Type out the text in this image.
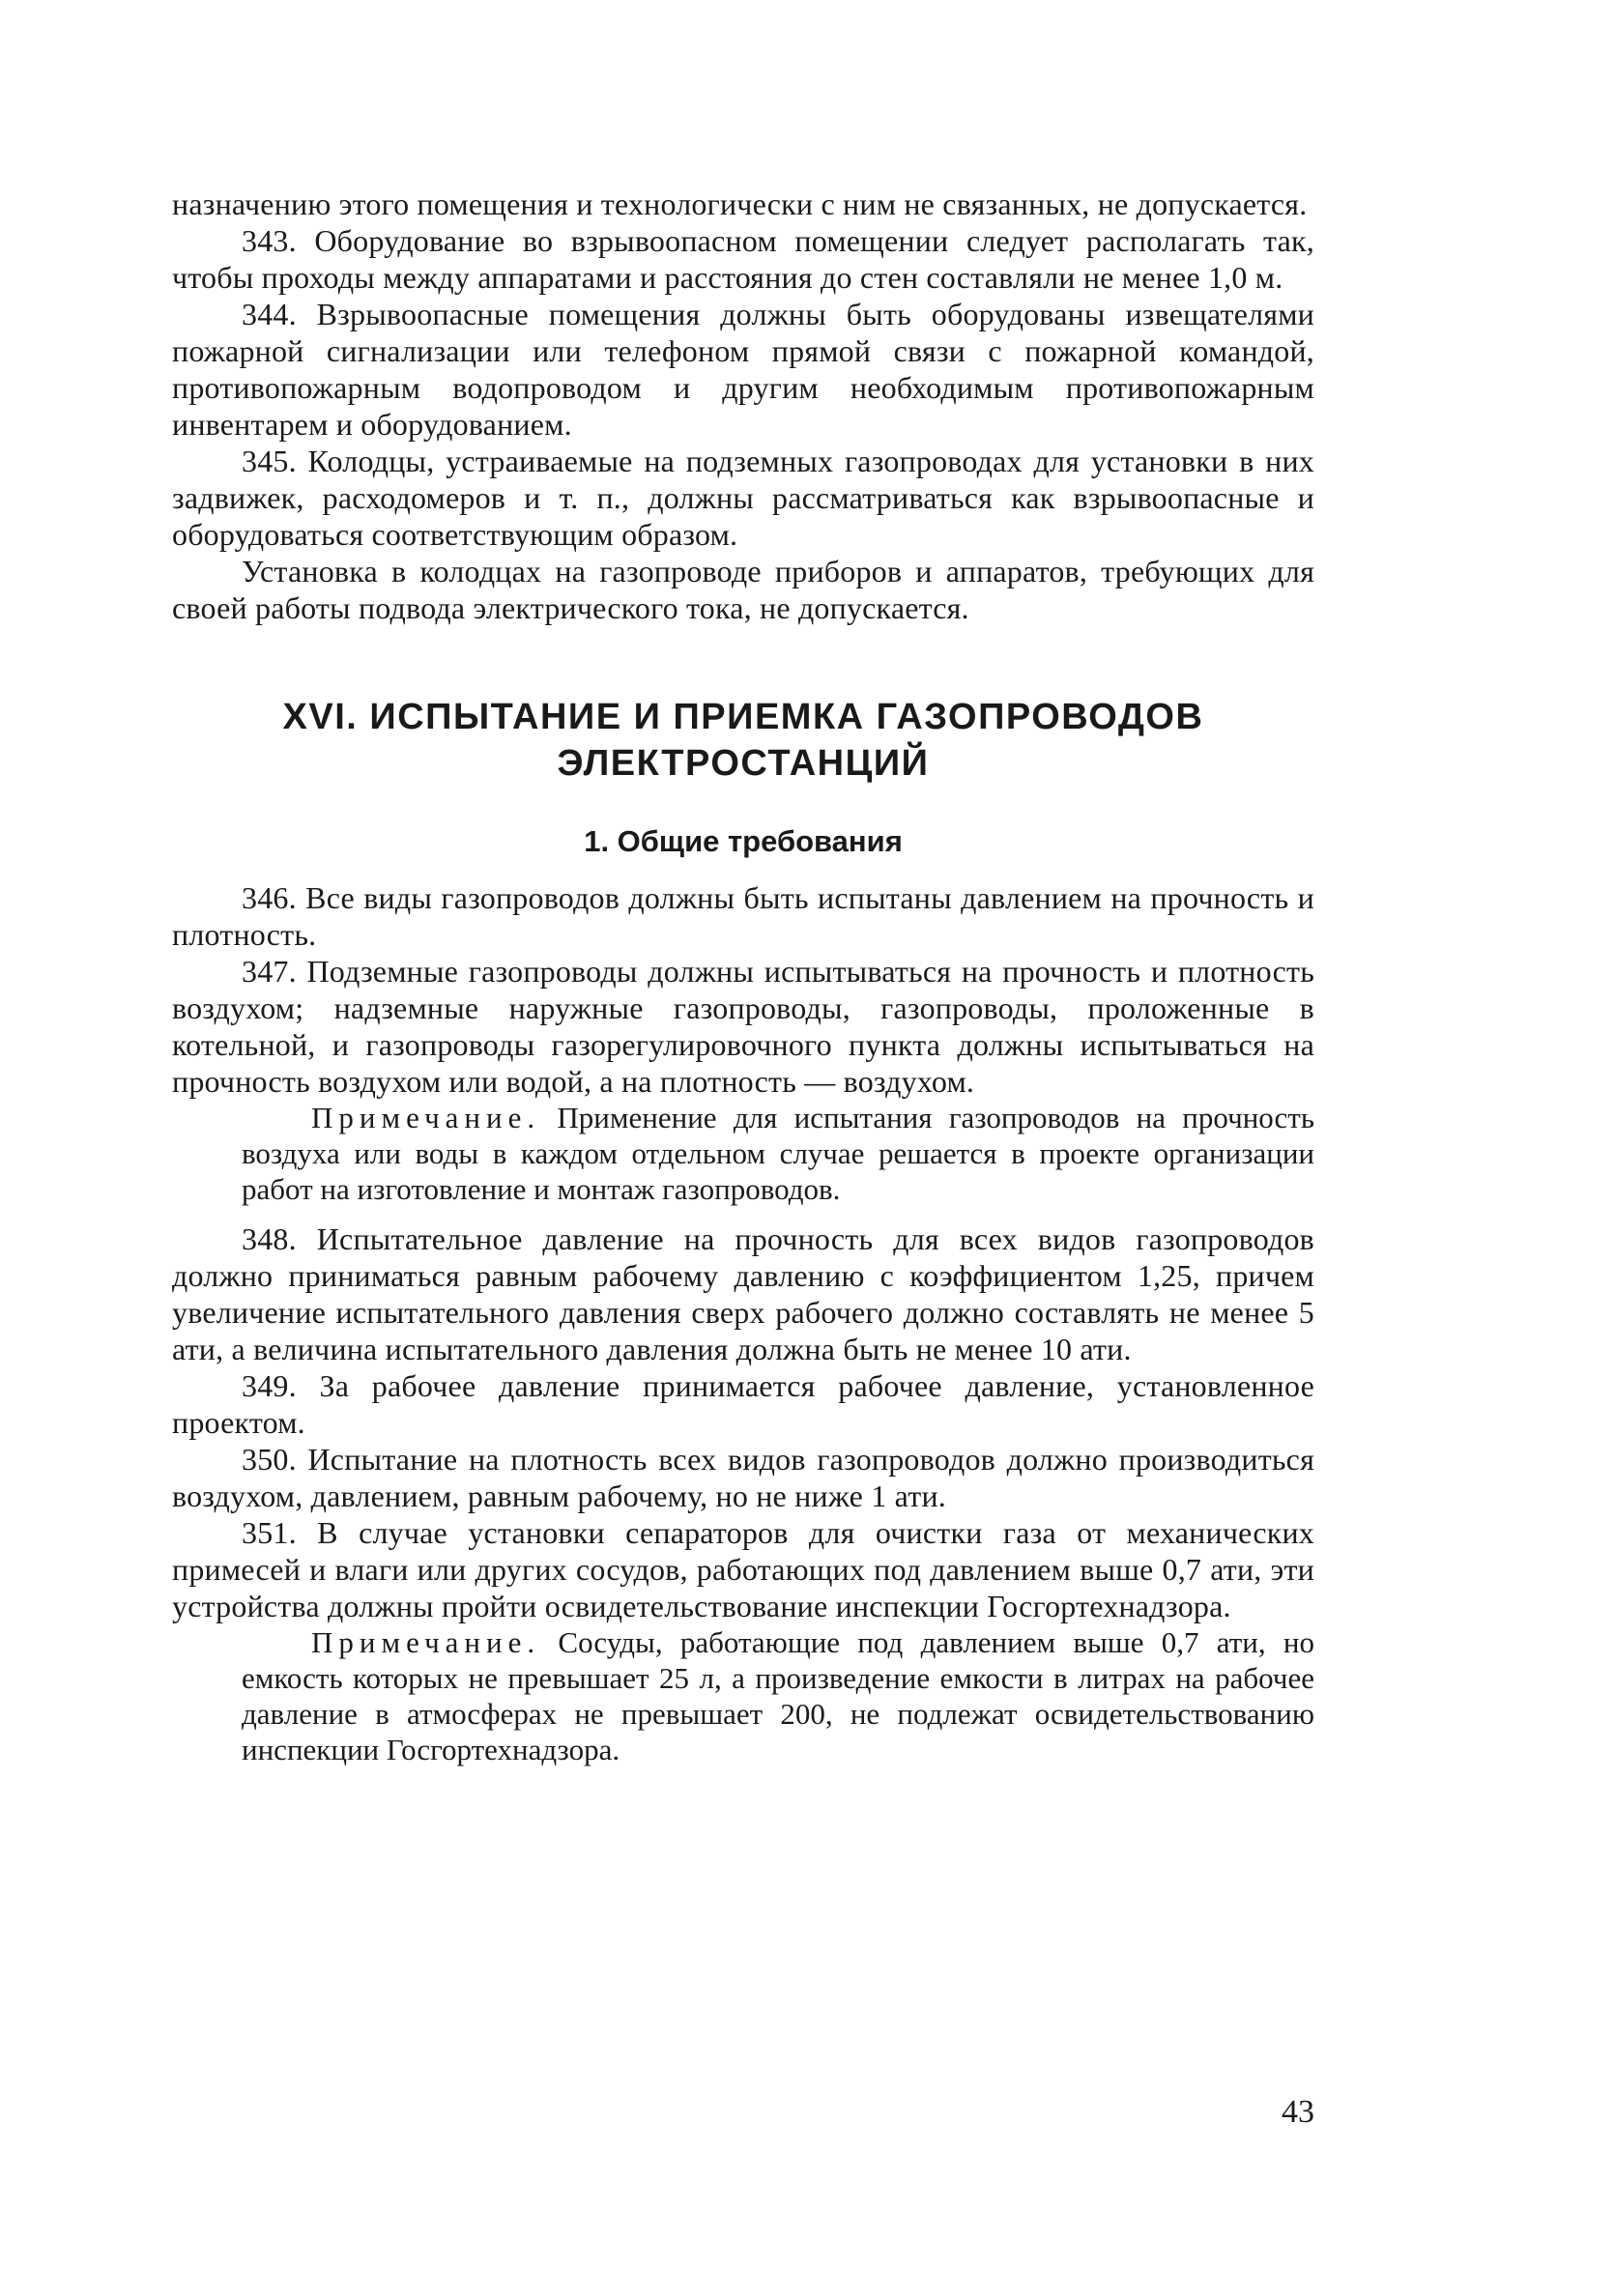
назначению этого помещения и технологически с ним не связанных, не допускается.

343. Оборудование во взрывоопасном помещении следует располагать так, чтобы проходы между аппаратами и расстояния до стен составляли не менее 1,0 м.

344. Взрывоопасные помещения должны быть оборудованы извещателями пожарной сигнализации или телефоном прямой связи с пожарной командой, противопожарным водопроводом и другим необходимым противопожарным инвентарем и оборудованием.

345. Колодцы, устраиваемые на подземных газопроводах для установки в них задвижек, расходомеров и т. п., должны рассматриваться как взрывоопасные и оборудоваться соответствующим образом.

Установка в колодцах на газопроводе приборов и аппаратов, требующих для своей работы подвода электрического тока, не допускается.

XVI. ИСПЫТАНИЕ И ПРИЕМКА ГАЗОПРОВОДОВ
ЭЛЕКТРОСТАНЦИЙ
1. Общие требования

346. Все виды газопроводов должны быть испытаны давлением на прочность и плотность.

347. Подземные газопроводы должны испытываться на прочность и плотность воздухом; надземные наружные газопроводы, газопроводы, проложенные в котельной, и газопроводы газорегулировочного пункта должны испытываться на прочность воздухом или водой, а на плотность — воздухом.

Примечание. Применение для испытания газопроводов на прочность воздуха или воды в каждом отдельном случае решается в проекте организации работ на изготовление и монтаж газопроводов.

348. Испытательное давление на прочность для всех видов газопроводов должно приниматься равным рабочему давлению с коэффициентом 1,25, причем увеличение испытательного давления сверх рабочего должно составлять не менее 5 ати, а величина испытательного давления должна быть не менее 10 ати.

349. За рабочее давление принимается рабочее давление, установленное проектом.

350. Испытание на плотность всех видов газопроводов должно производиться воздухом, давлением, равным рабочему, но не ниже 1 ати.

351. В случае установки сепараторов для очистки газа от механических примесей и влаги или других сосудов, работающих под давлением выше 0,7 ати, эти устройства должны пройти освидетельствование инспекции Госгортехнадзора.

Примечание. Сосуды, работающие под давлением выше 0,7 ати, но емкость которых не превышает 25 л, а произведение емкости в литрах на рабочее давление в атмосферах не превышает 200, не подлежат освидетельствованию инспекции Госгортехнадзора.

43
